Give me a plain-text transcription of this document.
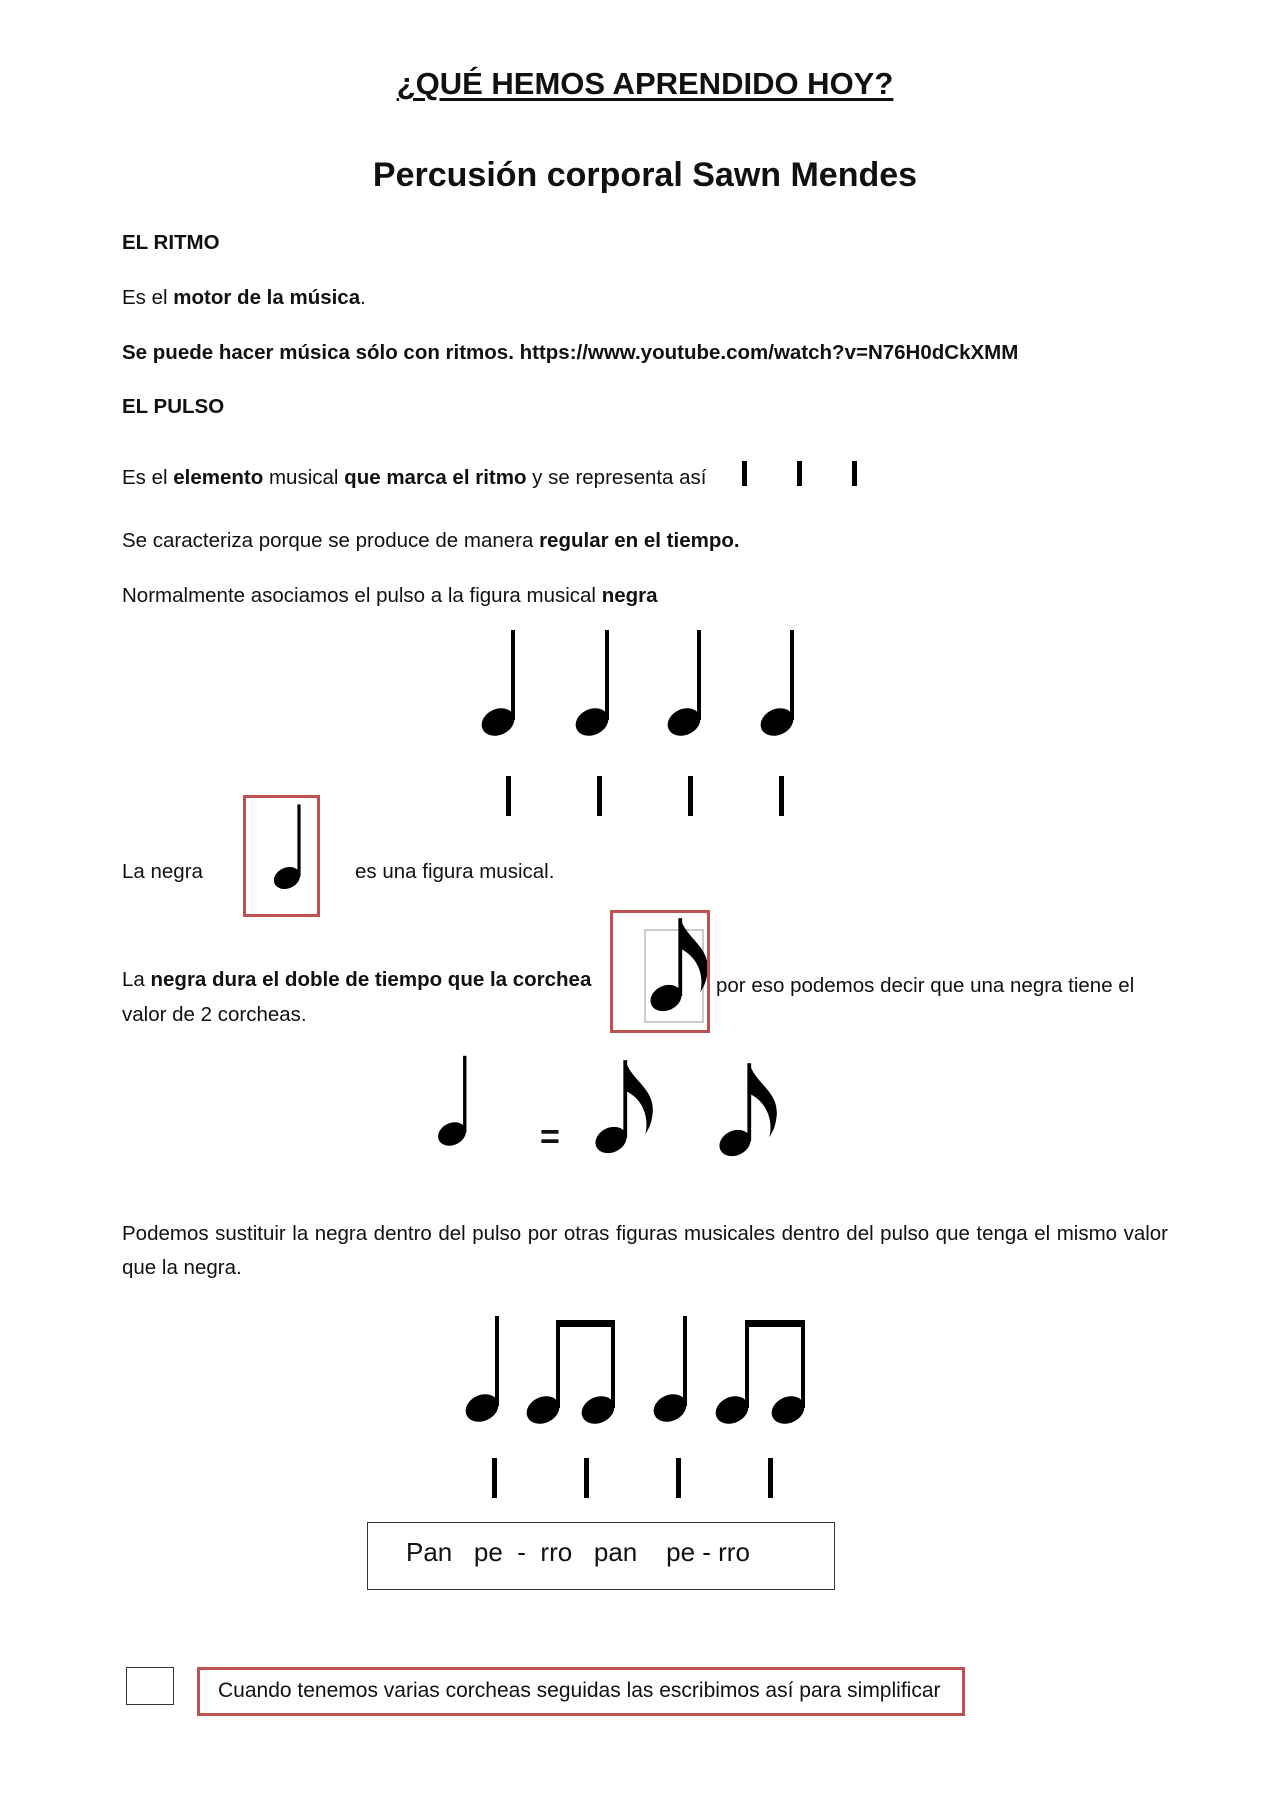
¿QUÉ HEMOS APRENDIDO HOY?
Percusión corporal Sawn Mendes
EL RITMO
Es el motor de la música.
Se puede hacer música sólo con ritmos. https://www.youtube.com/watch?v=N76H0dCkXMM
EL PULSO
Es el elemento musical que marca el ritmo y se representa así
Se caracteriza porque se produce de manera regular en el tiempo.
Normalmente asociamos el pulso a la figura musical negra
La negra	es una figura musical.
La negra dura el doble de tiempo que la corchea	por eso podemos decir que una negra tiene el
valor de 2 corcheas.
=
Podemos sustituir la negra dentro del pulso por otras figuras musicales dentro del pulso que tenga el mismo valor que la negra.
Pan   pe  -  rro   pan    pe - rro
Cuando tenemos varias corcheas seguidas las escribimos así para simplificar
